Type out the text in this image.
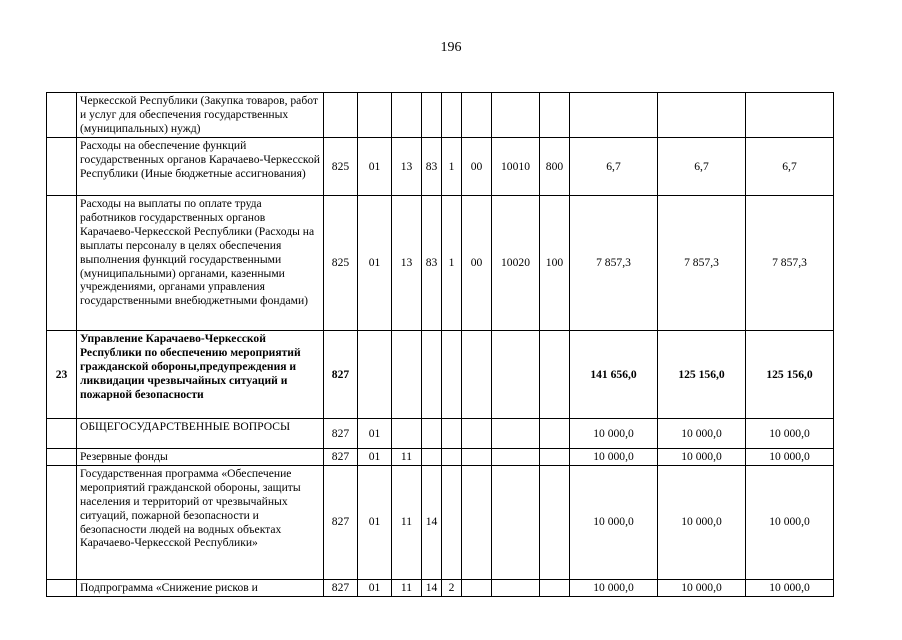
196
	Черкесской Республики (Закупка товаров, работ и услуг для обеспечения государственных (муниципальных) нужд)											
	Расходы на обеспечение функций государственных органов Карачаево-Черкесской Республики (Иные бюджетные ассигнования)	825	01	13	83	1	00	10010	800	6,7	6,7	6,7
	Расходы на выплаты по оплате труда работников государственных органов Карачаево-Черкесской Республики (Расходы на выплаты персоналу в целях обеспечения выполнения функций государственными (муниципальными) органами, казенными учреждениями, органами управления государственными внебюджетными фондами)	825	01	13	83	1	00	10020	100	7 857,3	7 857,3	7 857,3
23	Управление Карачаево-Черкесской Республики по обеспечению мероприятий гражданской обороны,предупреждения и ликвидации чрезвычайных ситуаций и пожарной безопасности	827								141 656,0	125 156,0	125 156,0
	ОБЩЕГОСУДАРСТВЕННЫЕ ВОПРОСЫ	827	01							10 000,0	10 000,0	10 000,0
	Резервные фонды	827	01	11						10 000,0	10 000,0	10 000,0
	Государственная программа «Обеспечение мероприятий гражданской обороны, защиты населения и территорий от чрезвычайных ситуаций, пожарной безопасности и безопасности людей на водных объектах Карачаево-Черкесской Республики»	827	01	11	14					10 000,0	10 000,0	10 000,0
	Подпрограмма «Снижение рисков и	827	01	11	14	2				10 000,0	10 000,0	10 000,0
